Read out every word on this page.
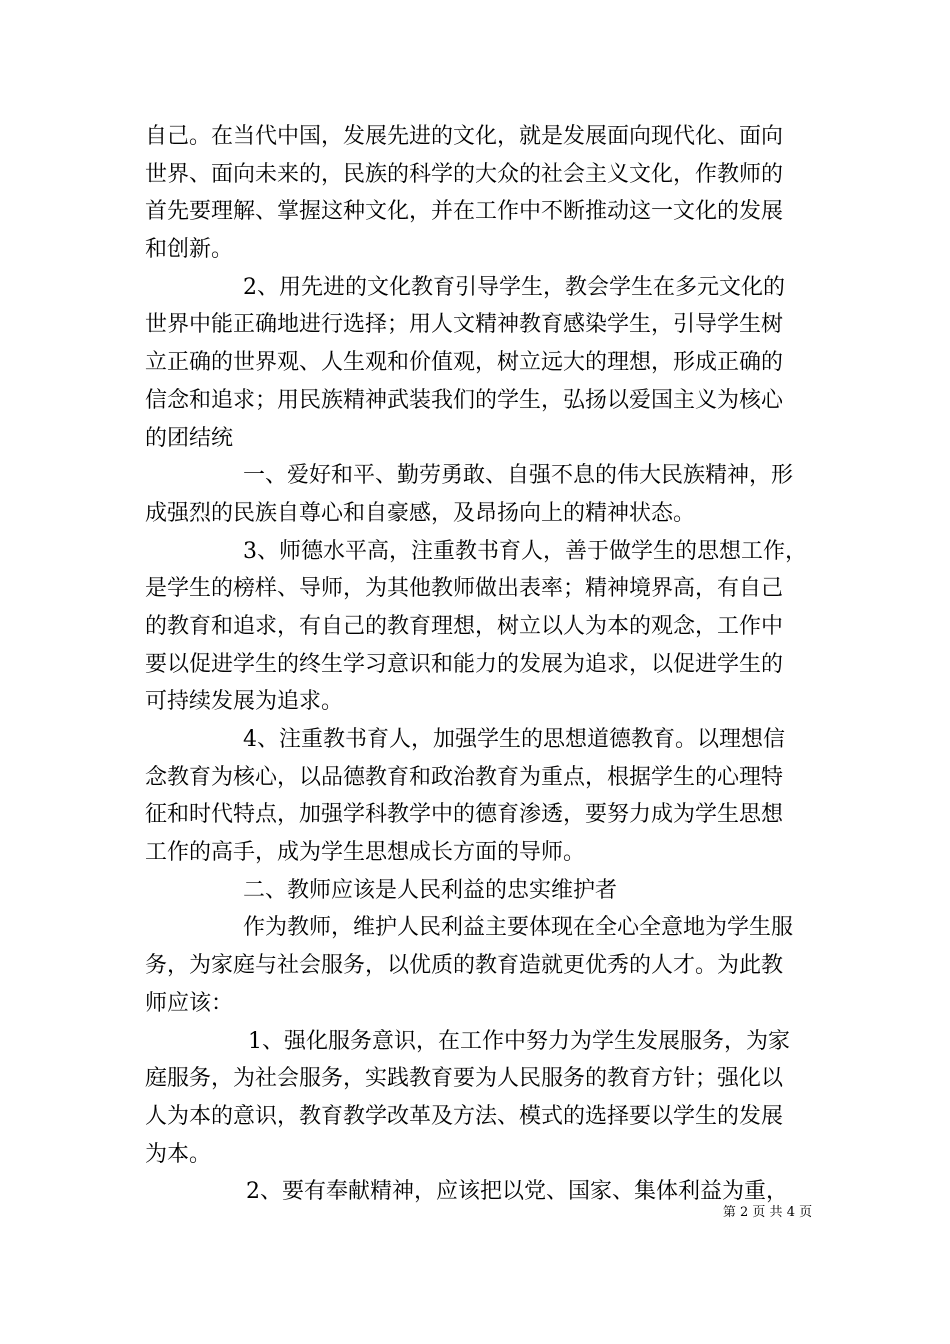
自己。在当代中国，发展先进的文化，就是发展面向现代化、面向
世界、面向未来的，民族的科学的大众的社会主义文化，作教师的
首先要理解、掌握这种文化，并在工作中不断推动这一文化的发展
和创新。
2、用先进的文化教育引导学生，教会学生在多元文化的
世界中能正确地进行选择；用人文精神教育感染学生，引导学生树
立正确的世界观、人生观和价值观，树立远大的理想，形成正确的
信念和追求；用民族精神武装我们的学生，弘扬以爱国主义为核心
的团结统
一、爱好和平、勤劳勇敢、自强不息的伟大民族精神，形
成强烈的民族自尊心和自豪感，及昂扬向上的精神状态。
3、师德水平高，注重教书育人，善于做学生的思想工作，
是学生的榜样、导师，为其他教师做出表率；精神境界高，有自己
的教育和追求，有自己的教育理想，树立以人为本的观念，工作中
要以促进学生的终生学习意识和能力的发展为追求，以促进学生的
可持续发展为追求。
4、注重教书育人，加强学生的思想道德教育。以理想信
念教育为核心，以品德教育和政治教育为重点，根据学生的心理特
征和时代特点，加强学科教学中的德育渗透，要努力成为学生思想
工作的高手，成为学生思想成长方面的导师。
二、教师应该是人民利益的忠实维护者
作为教师，维护人民利益主要体现在全心全意地为学生服
务，为家庭与社会服务，以优质的教育造就更优秀的人才。为此教
师应该：
1、强化服务意识，在工作中努力为学生发展服务，为家
庭服务，为社会服务，实践教育要为人民服务的教育方针；强化以
人为本的意识，教育教学改革及方法、模式的选择要以学生的发展
为本。
2、要有奉献精神，应该把以党、国家、集体利益为重，
第 2 页 共 4 页
